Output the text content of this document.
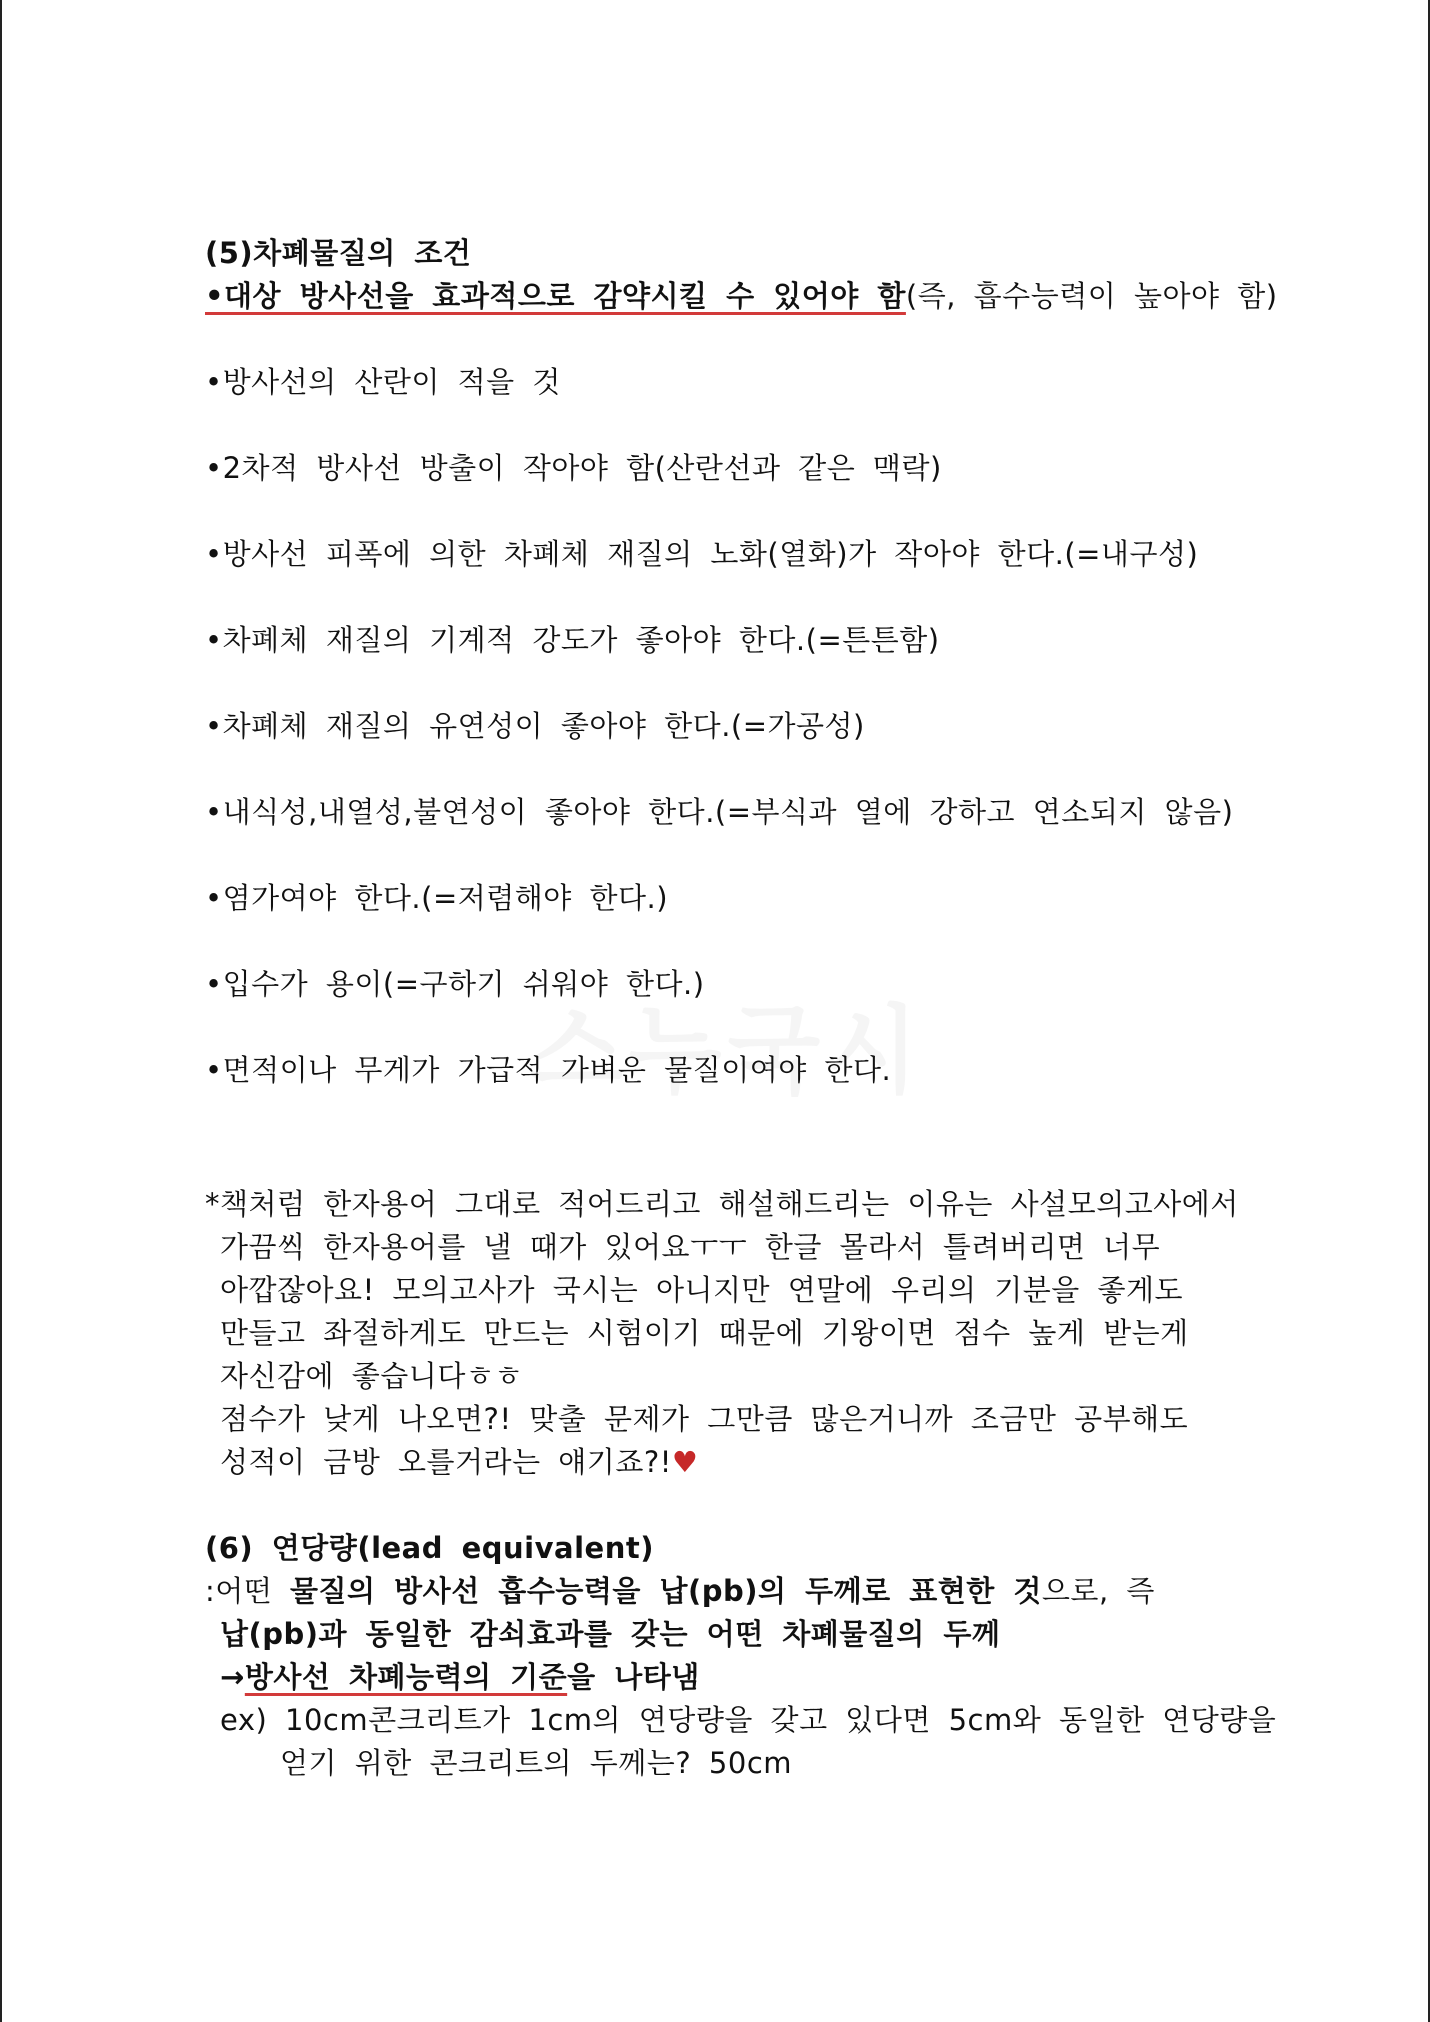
(5)차폐물질의 조건
•대상 방사선을 효과적으로 감약시킬 수 있어야 함(즉, 흡수능력이 높아야 함)
•방사선의 산란이 적을 것
•2차적 방사선 방출이 작아야 함(산란선과 같은 맥락)
•방사선 피폭에 의한 차폐체 재질의 노화(열화)가 작아야 한다.(=내구성)
•차폐체 재질의 기계적 강도가 좋아야 한다.(=튼튼함)
•차폐체 재질의 유연성이 좋아야 한다.(=가공성)
•내식성,내열성,불연성이 좋아야 한다.(=부식과 열에 강하고 연소되지 않음)
•염가여야 한다.(=저렴해야 한다.)
•입수가 용이(=구하기 쉬워야 한다.)
•면적이나 무게가 가급적 가벼운 물질이여야 한다.
*책처럼 한자용어 그대로 적어드리고 해설해드리는 이유는 사설모의고사에서
가끔씩 한자용어를 낼 때가 있어요ㅜㅜ 한글 몰라서 틀려버리면 너무
아깝잖아요! 모의고사가 국시는 아니지만 연말에 우리의 기분을 좋게도
만들고 좌절하게도 만드는 시험이기 때문에 기왕이면 점수 높게 받는게
자신감에 좋습니다ㅎㅎ
점수가 낮게 나오면?! 맞출 문제가 그만큼 많은거니까 조금만 공부해도
성적이 금방 오를거라는 얘기죠?!♥
(6) 연당량(lead equivalent)
:어떤 물질의 방사선 흡수능력을 납(pb)의 두께로 표현한 것으로, 즉
납(pb)과 동일한 감쇠효과를 갖는 어떤 차폐물질의 두께
→방사선 차폐능력의 기준을 나타냄
ex) 10cm콘크리트가 1cm의 연당량을 갖고 있다면 5cm와 동일한 연당량을
얻기 위한 콘크리트의 두께는? 50cm
